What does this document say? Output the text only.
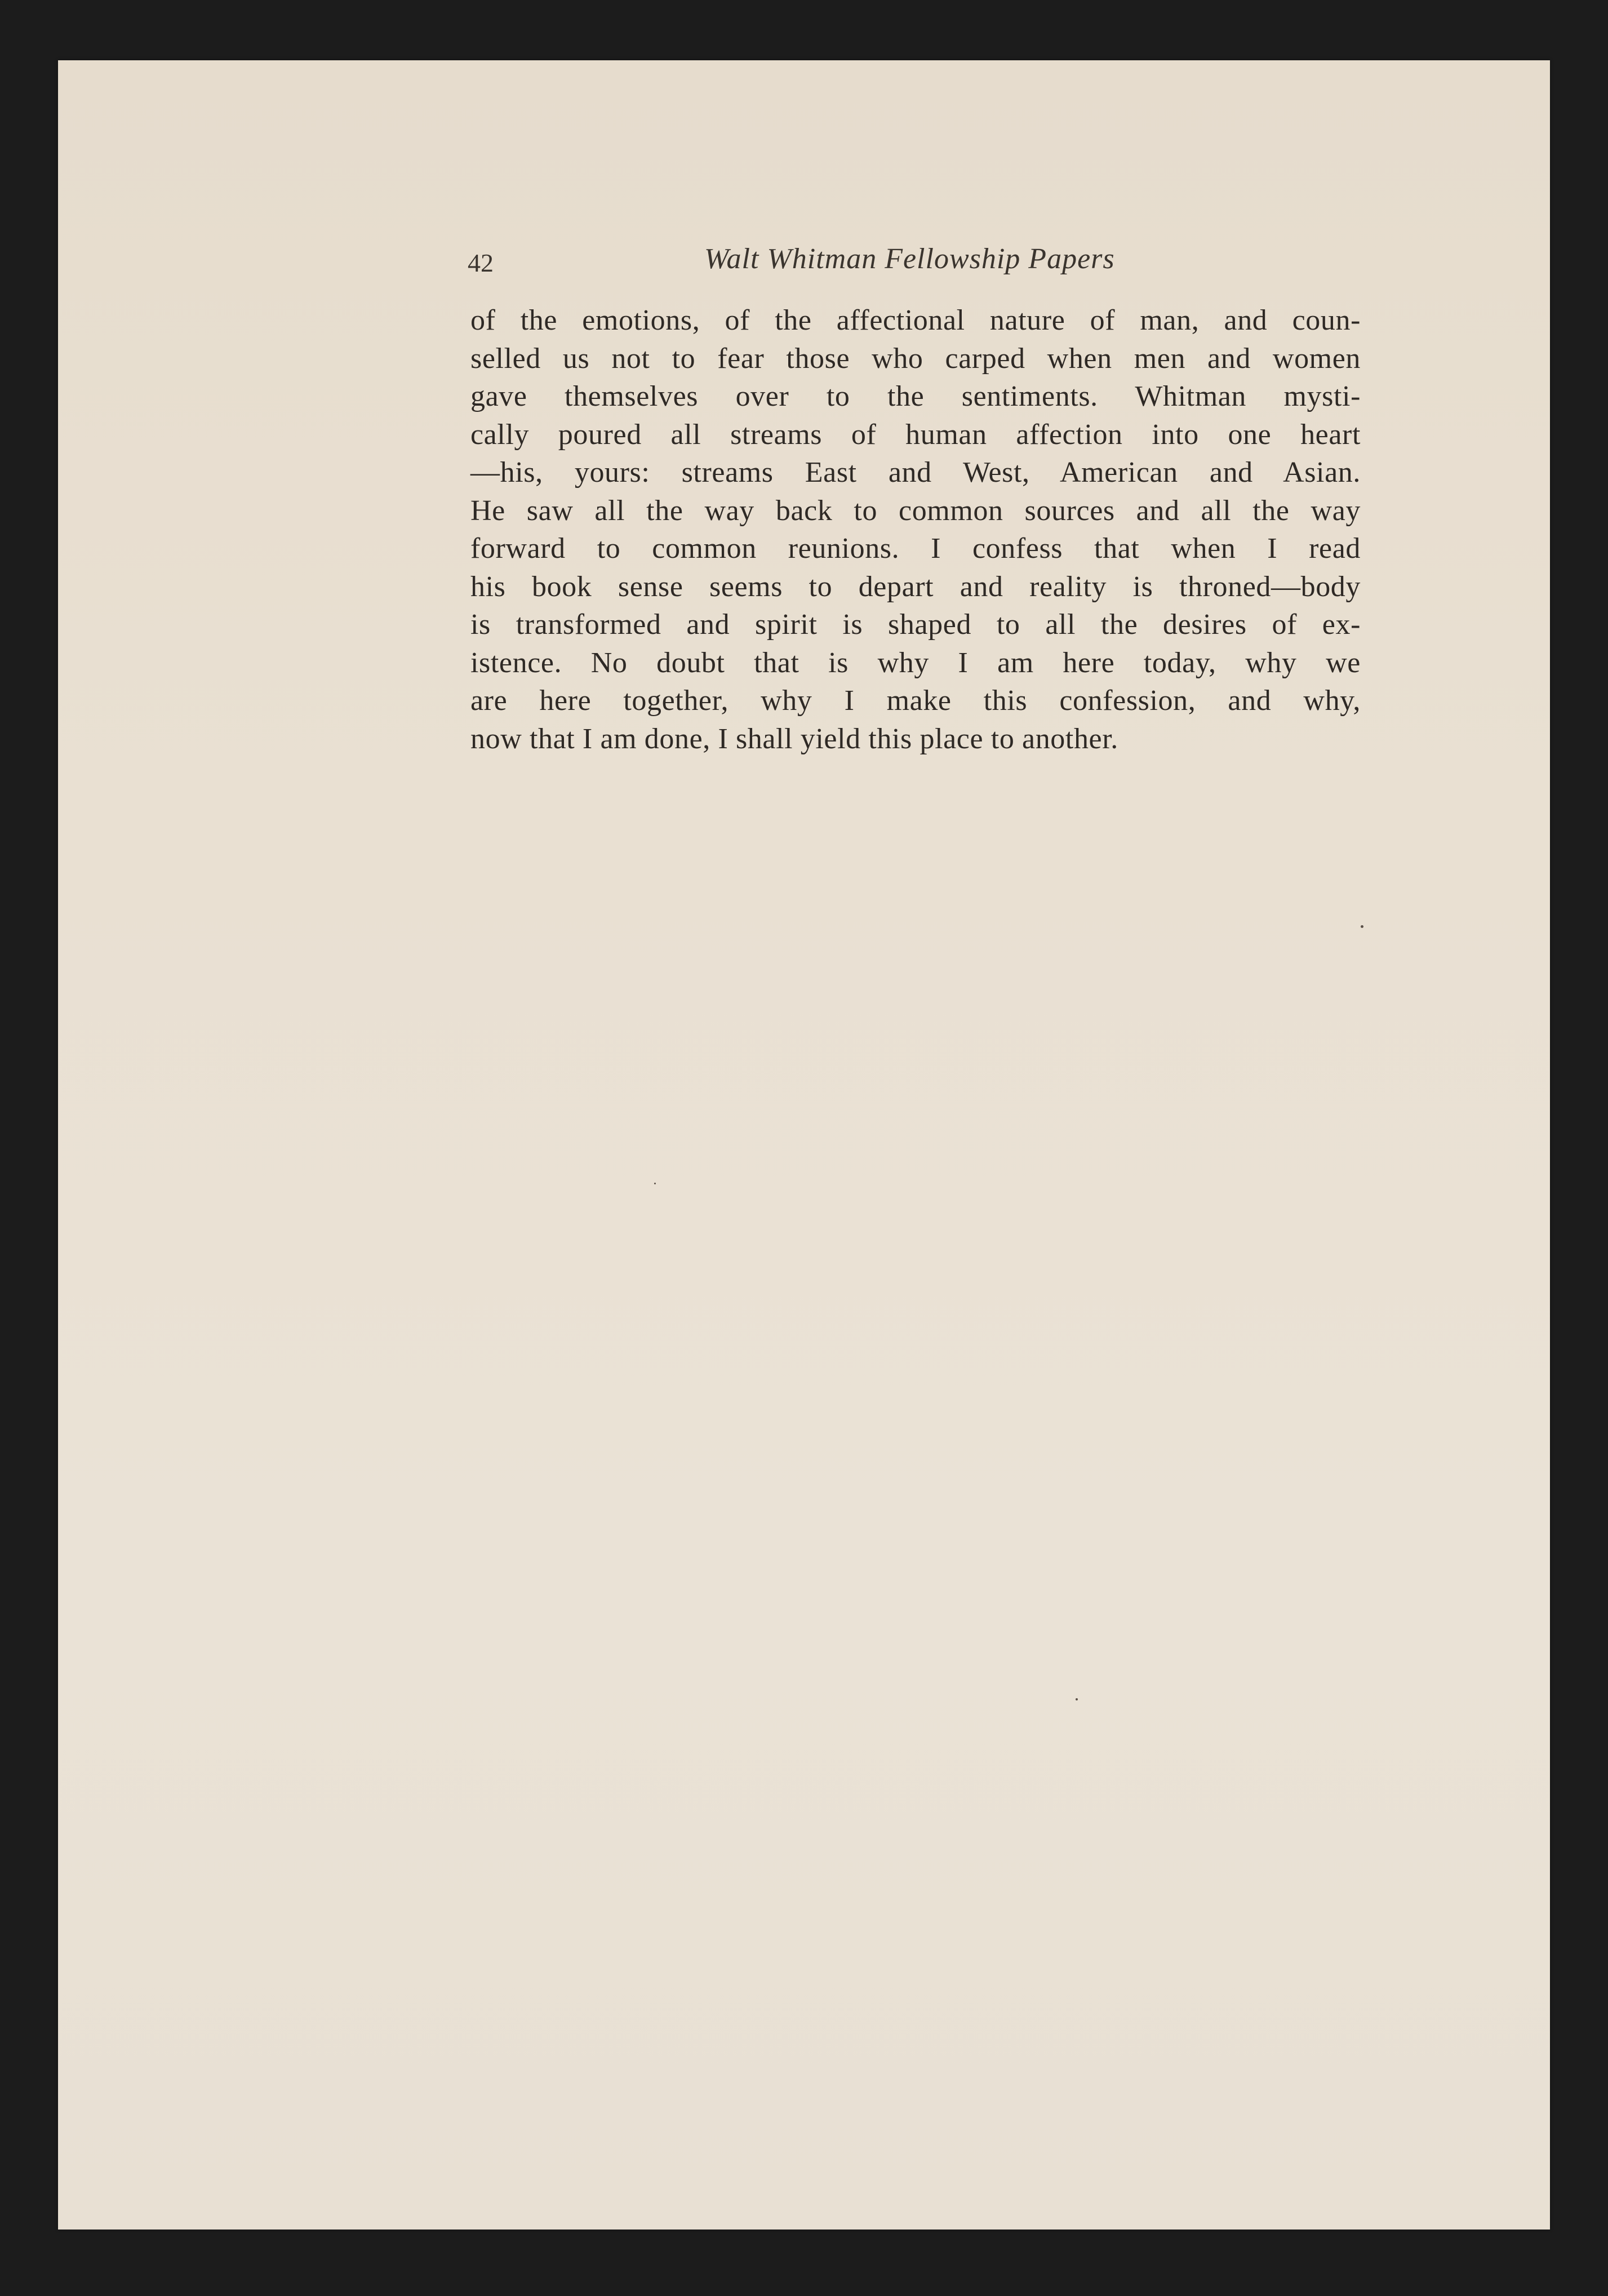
42	Walt Whitman Fellowship Papers
of the emotions, of the affectional nature of man, and coun-
selled us not to fear those who carped when men and women
gave themselves over to the sentiments. Whitman mysti-
cally poured all streams of human affection into one heart
—his, yours: streams East and West, American and Asian.
He saw all the way back to common sources and all the way
forward to common reunions. I confess that when I read
his book sense seems to depart and reality is throned—body
is transformed and spirit is shaped to all the desires of ex-
istence. No doubt that is why I am here today, why we
are here together, why I make this confession, and why,
now that I am done, I shall yield this place to another.
